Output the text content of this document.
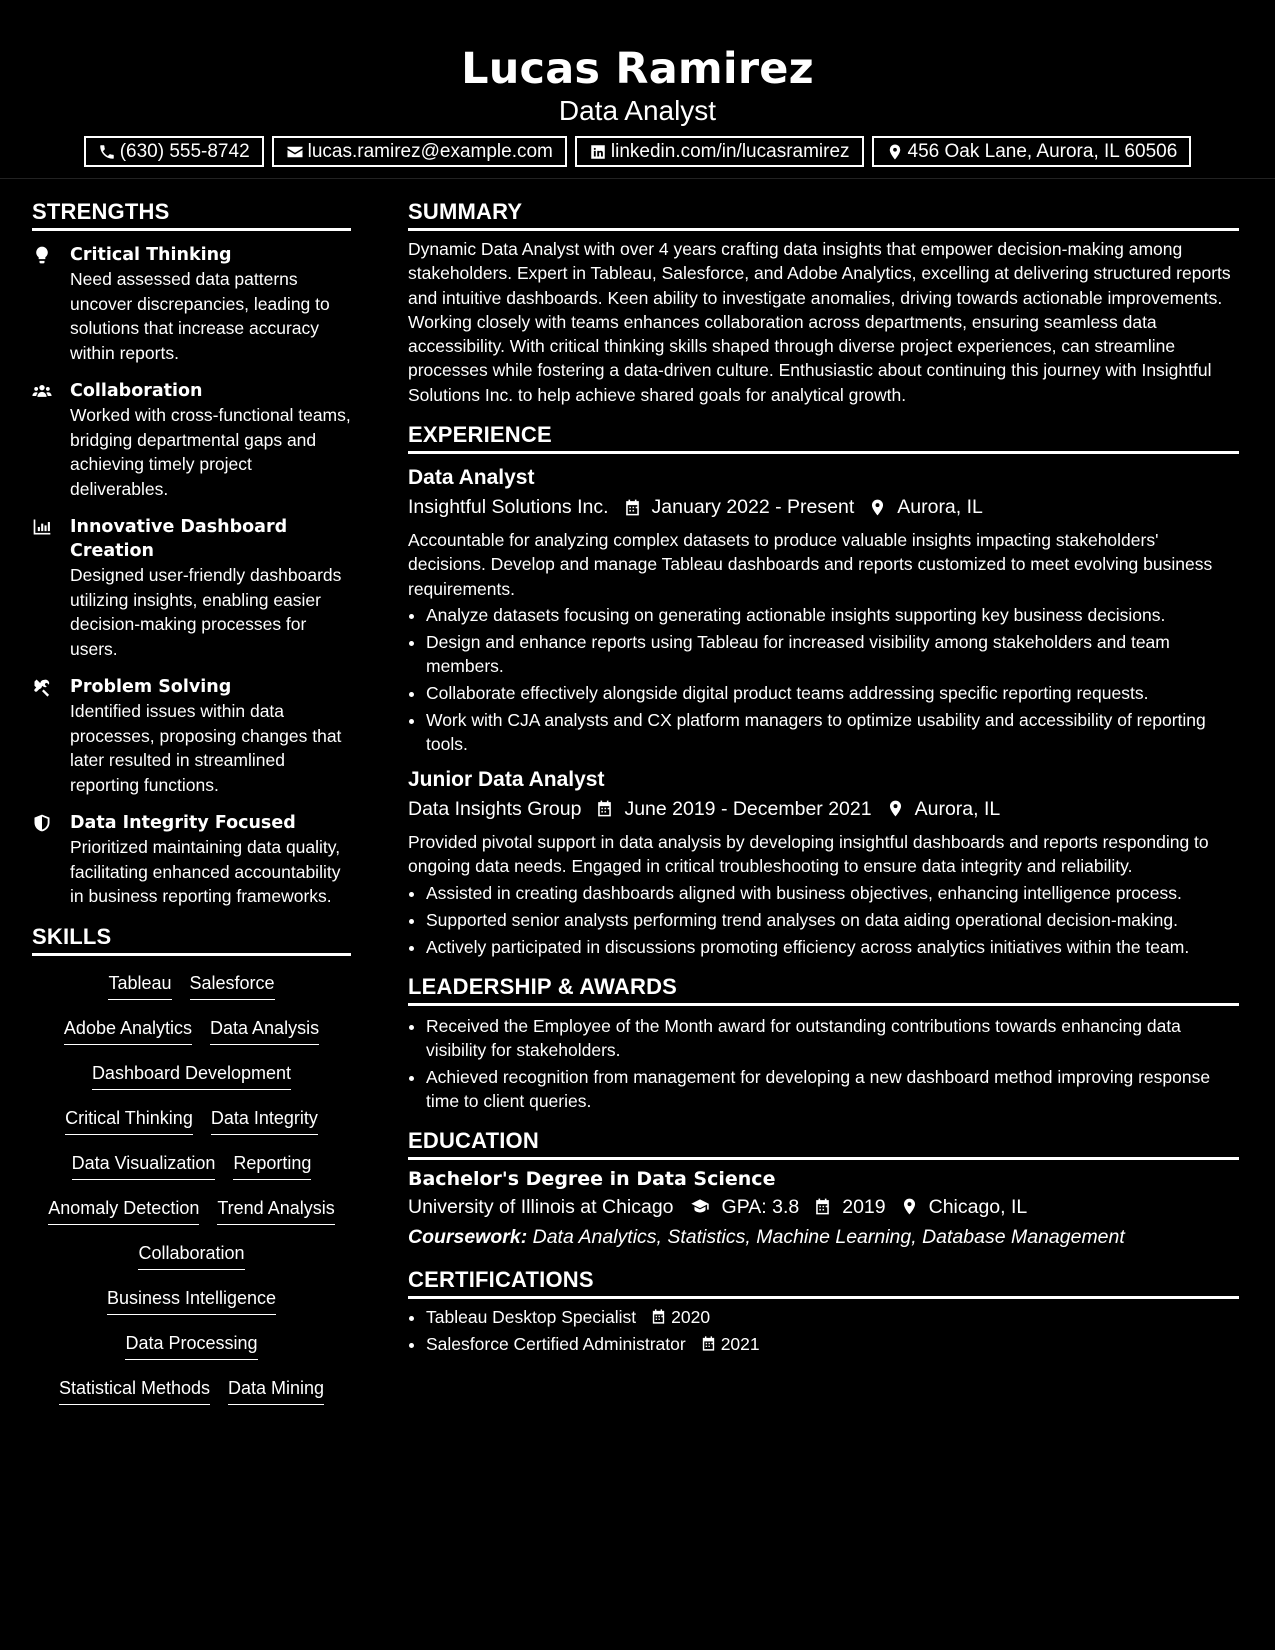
Lucas Ramirez
Data Analyst
(630) 555-8742	lucas.ramirez@example.com	linkedin.com/in/lucasramirez	456 Oak Lane, Aurora, IL 60506
STRENGTHS
Critical Thinking
Need assessed data patterns uncover discrepancies, leading to solutions that increase accuracy within reports.
Collaboration
Worked with cross-functional teams, bridging departmental gaps and achieving timely project deliverables.
Innovative Dashboard Creation
Designed user-friendly dashboards utilizing insights, enabling easier decision-making processes for users.
Problem Solving
Identified issues within data processes, proposing changes that later resulted in streamlined reporting functions.
Data Integrity Focused
Prioritized maintaining data quality, facilitating enhanced accountability in business reporting frameworks.
SKILLS
Tableau Salesforce
Adobe Analytics Data Analysis
Dashboard Development
Critical Thinking Data Integrity
Data Visualization Reporting
Anomaly Detection Trend Analysis
Collaboration
Business Intelligence
Data Processing
Statistical Methods Data Mining
SUMMARY
Dynamic Data Analyst with over 4 years crafting data insights that empower decision-making among stakeholders. Expert in Tableau, Salesforce, and Adobe Analytics, excelling at delivering structured reports and intuitive dashboards. Keen ability to investigate anomalies, driving towards actionable improvements. Working closely with teams enhances collaboration across departments, ensuring seamless data accessibility. With critical thinking skills shaped through diverse project experiences, can streamline processes while fostering a data-driven culture. Enthusiastic about continuing this journey with Insightful Solutions Inc. to help achieve shared goals for analytical growth.
EXPERIENCE
Data Analyst
Insightful Solutions Inc. January 2022 - Present Aurora, IL
Accountable for analyzing complex datasets to produce valuable insights impacting stakeholders' decisions. Develop and manage Tableau dashboards and reports customized to meet evolving business requirements.
• Analyze datasets focusing on generating actionable insights supporting key business decisions.
• Design and enhance reports using Tableau for increased visibility among stakeholders and team members.
• Collaborate effectively alongside digital product teams addressing specific reporting requests.
• Work with CJA analysts and CX platform managers to optimize usability and accessibility of reporting tools.
Junior Data Analyst
Data Insights Group June 2019 - December 2021 Aurora, IL
Provided pivotal support in data analysis by developing insightful dashboards and reports responding to ongoing data needs. Engaged in critical troubleshooting to ensure data integrity and reliability.
• Assisted in creating dashboards aligned with business objectives, enhancing intelligence process.
• Supported senior analysts performing trend analyses on data aiding operational decision-making.
• Actively participated in discussions promoting efficiency across analytics initiatives within the team.
LEADERSHIP & AWARDS
• Received the Employee of the Month award for outstanding contributions towards enhancing data visibility for stakeholders.
• Achieved recognition from management for developing a new dashboard method improving response time to client queries.
EDUCATION
Bachelor's Degree in Data Science
University of Illinois at Chicago GPA: 3.8 2019 Chicago, IL
Coursework: Data Analytics, Statistics, Machine Learning, Database Management
CERTIFICATIONS
• Tableau Desktop Specialist 2020
• Salesforce Certified Administrator 2021
